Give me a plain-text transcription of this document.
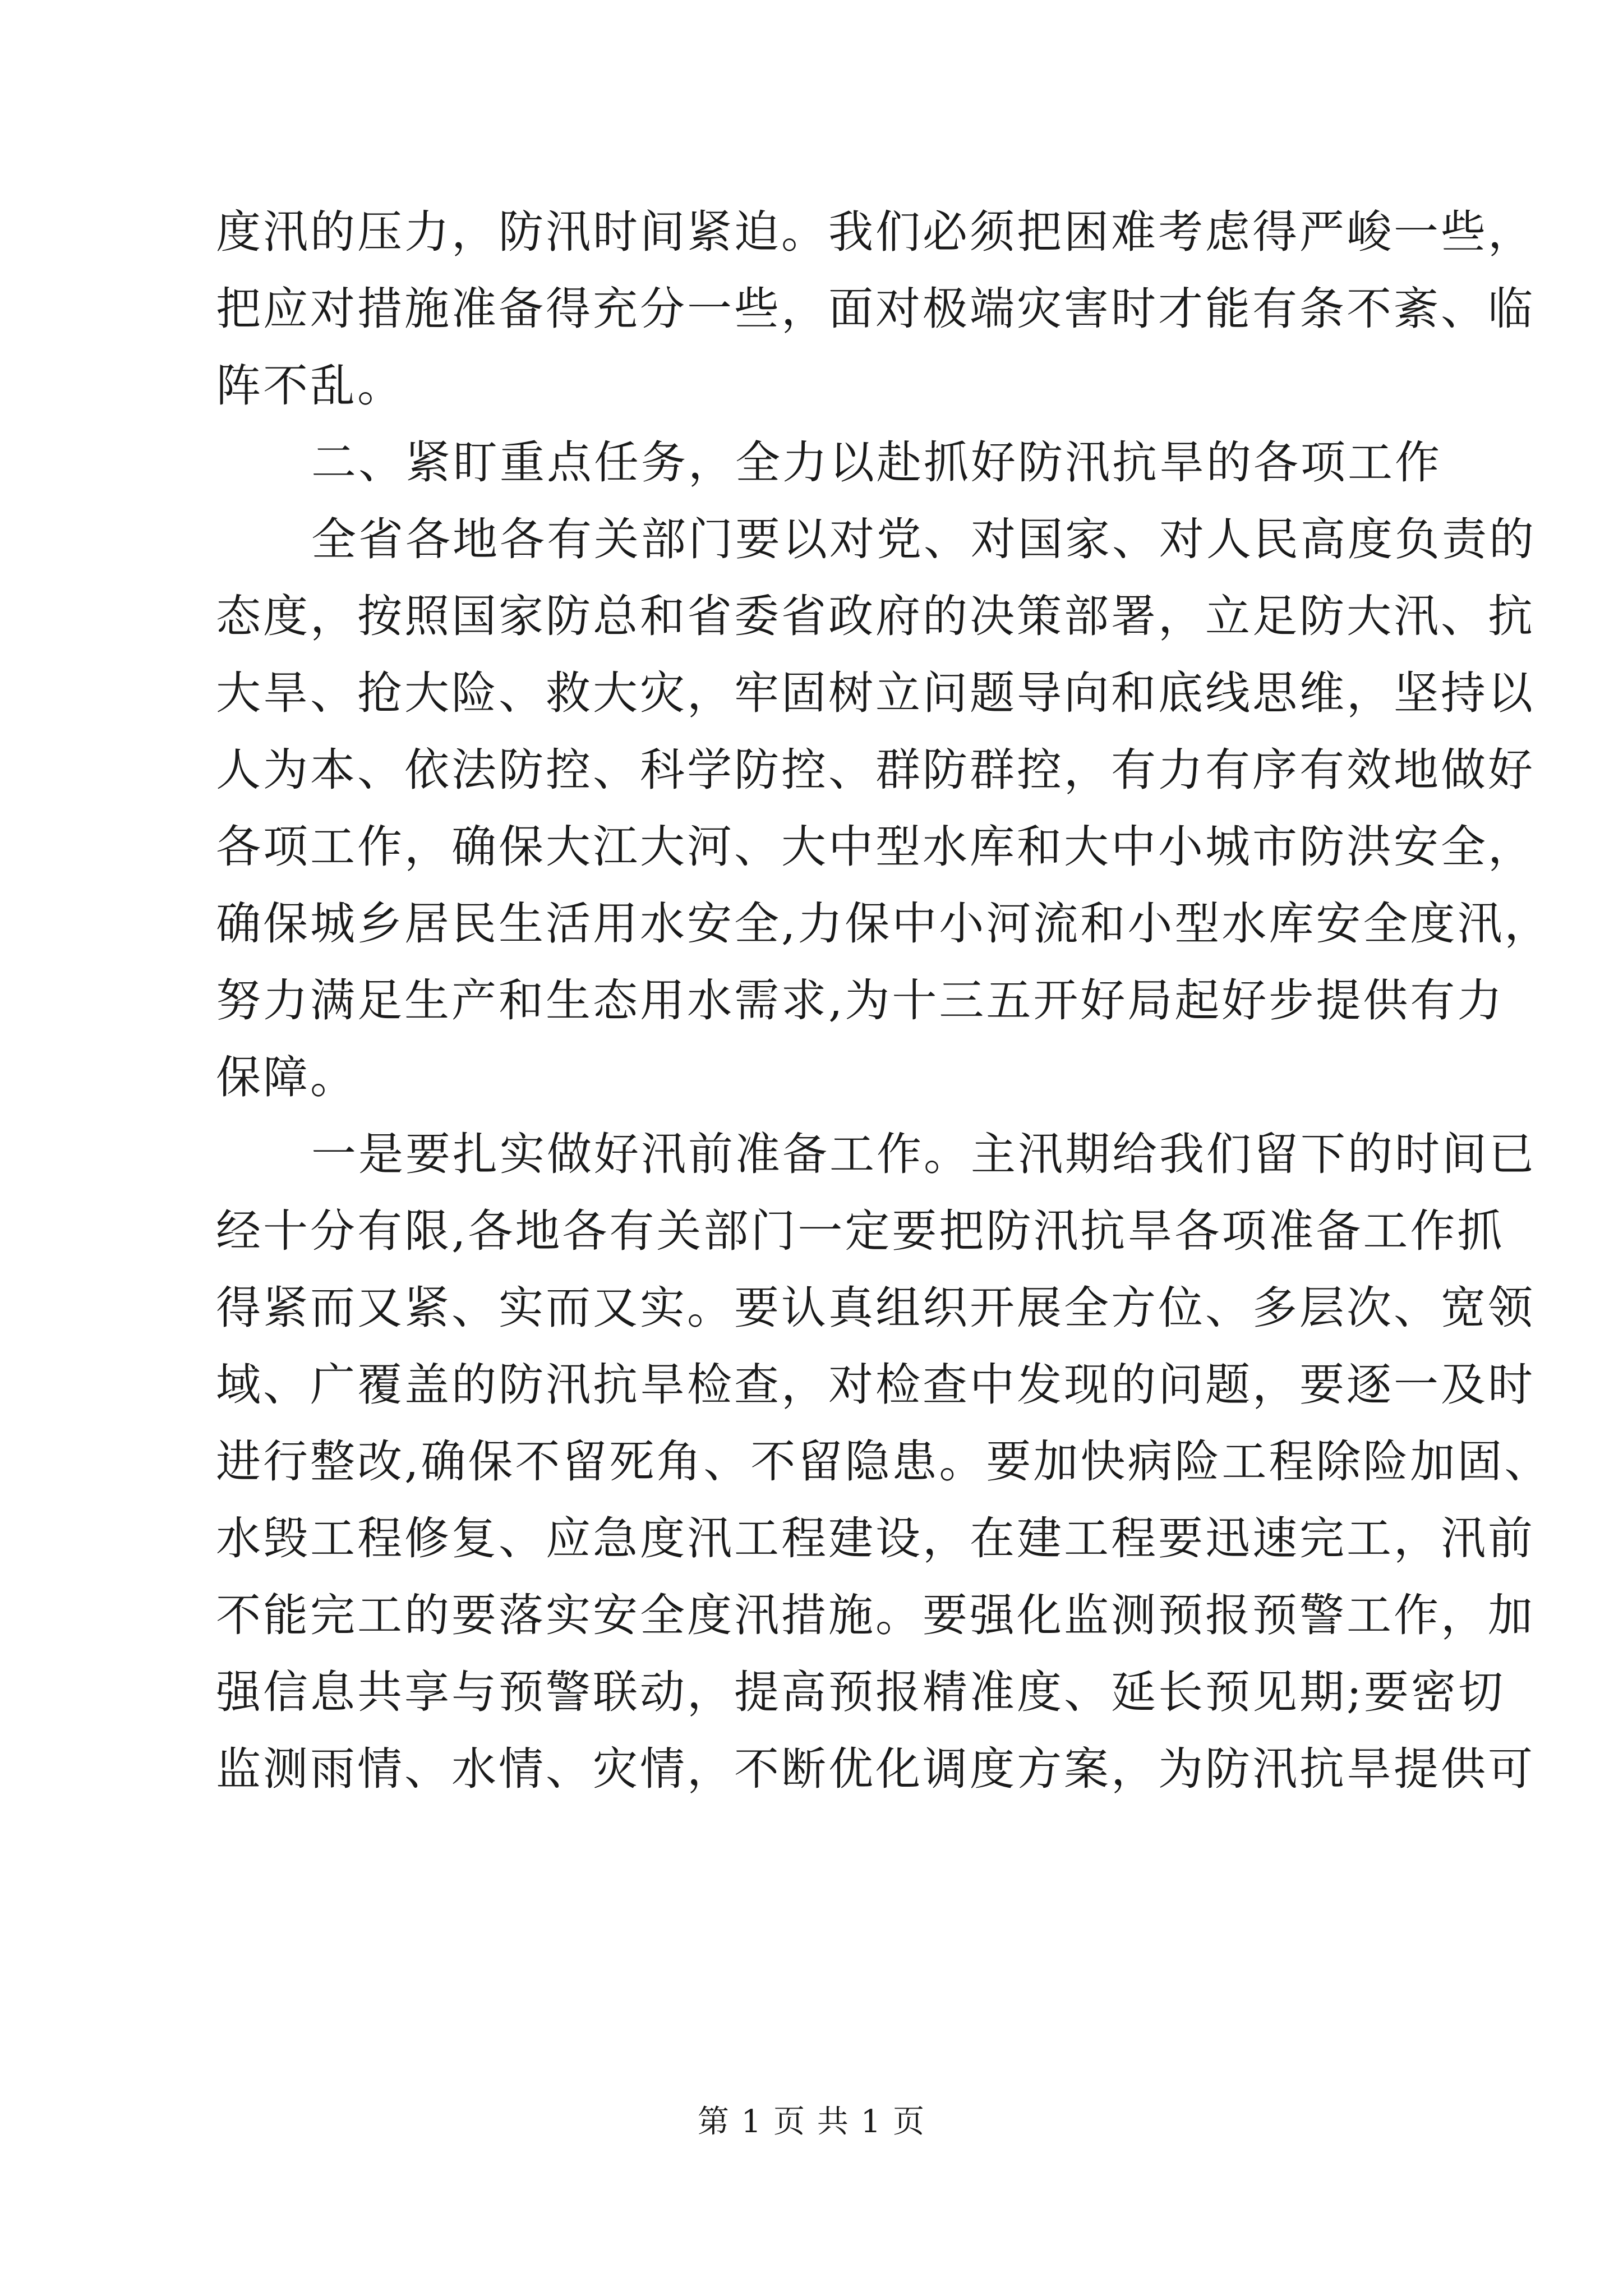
度汛的压力，防汛时间紧迫。我们必须把困难考虑得严峻一些，
把应对措施准备得充分一些，面对极端灾害时才能有条不紊、临
阵不乱。
二、紧盯重点任务，全力以赴抓好防汛抗旱的各项工作
全省各地各有关部门要以对党、对国家、对人民高度负责的
态度，按照国家防总和省委省政府的决策部署，立足防大汛、抗
大旱、抢大险、救大灾，牢固树立问题导向和底线思维，坚持以
人为本、依法防控、科学防控、群防群控，有力有序有效地做好
各项工作，确保大江大河、大中型水库和大中小城市防洪安全，
确保城乡居民生活用水安全,力保中小河流和小型水库安全度汛，
努力满足生产和生态用水需求,为十三五开好局起好步提供有力
保障。
一是要扎实做好汛前准备工作。主汛期给我们留下的时间已
经十分有限,各地各有关部门一定要把防汛抗旱各项准备工作抓
得紧而又紧、实而又实。要认真组织开展全方位、多层次、宽领
域、广覆盖的防汛抗旱检查，对检查中发现的问题，要逐一及时
进行整改,确保不留死角、不留隐患。要加快病险工程除险加固、
水毁工程修复、应急度汛工程建设，在建工程要迅速完工，汛前
不能完工的要落实安全度汛措施。要强化监测预报预警工作，加
强信息共享与预警联动，提高预报精准度、延长预见期;要密切
监测雨情、水情、灾情，不断优化调度方案，为防汛抗旱提供可
第 1 页 共 1 页
